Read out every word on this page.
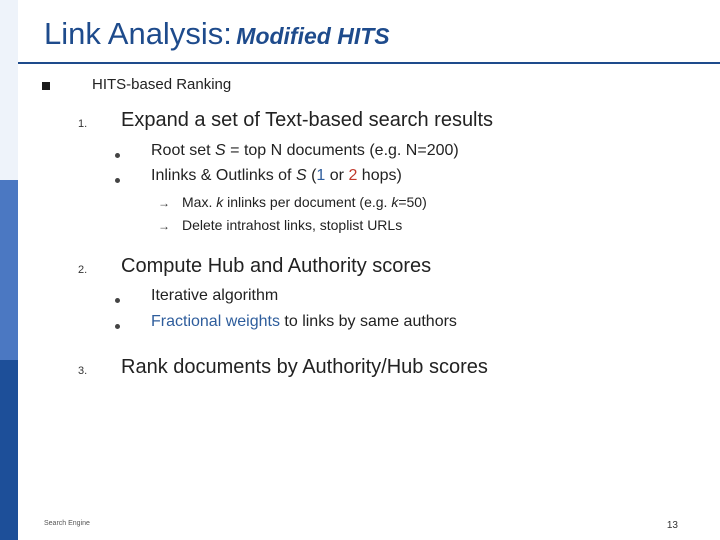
Link Analysis: Modified HITS
HITS-based Ranking
1. Expand a set of Text-based search results
Root set S = top N documents (e.g. N=200)
Inlinks & Outlinks of S (1 or 2 hops)
→ Max. k inlinks per document (e.g. k=50)
→ Delete intrahost links, stoplist URLs
2. Compute Hub and Authority scores
Iterative algorithm
Fractional weights to links by same authors
3. Rank documents by Authority/Hub scores
Search Engine	13
